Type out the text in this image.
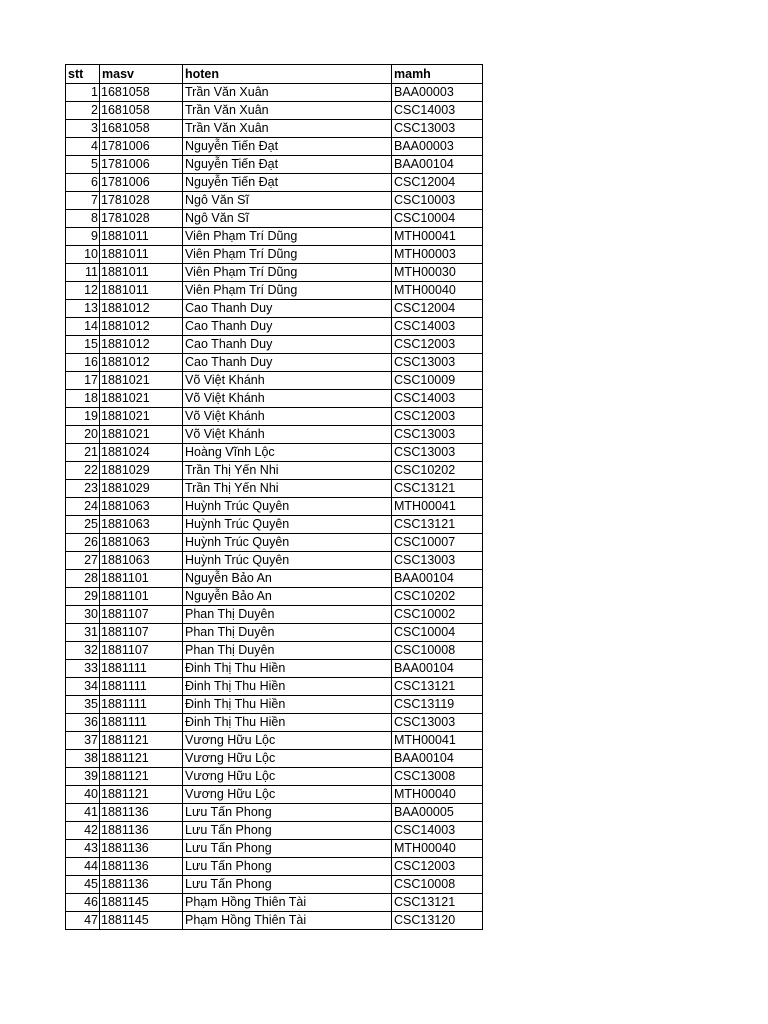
stt	masv	hoten	mamh
1	1681058	Trần Văn Xuân	BAA00003
2	1681058	Trần Văn Xuân	CSC14003
3	1681058	Trần Văn Xuân	CSC13003
4	1781006	Nguyễn Tiến Đạt	BAA00003
5	1781006	Nguyễn Tiến Đạt	BAA00104
6	1781006	Nguyễn Tiến Đạt	CSC12004
7	1781028	Ngô Văn Sĩ	CSC10003
8	1781028	Ngô Văn Sĩ	CSC10004
9	1881011	Viên Phạm Trí Dũng	MTH00041
10	1881011	Viên Phạm Trí Dũng	MTH00003
11	1881011	Viên Phạm Trí Dũng	MTH00030
12	1881011	Viên Phạm Trí Dũng	MTH00040
13	1881012	Cao Thanh Duy	CSC12004
14	1881012	Cao Thanh Duy	CSC14003
15	1881012	Cao Thanh Duy	CSC12003
16	1881012	Cao Thanh Duy	CSC13003
17	1881021	Võ Việt Khánh	CSC10009
18	1881021	Võ Việt Khánh	CSC14003
19	1881021	Võ Việt Khánh	CSC12003
20	1881021	Võ Việt Khánh	CSC13003
21	1881024	Hoàng Vĩnh Lộc	CSC13003
22	1881029	Trần Thị Yến Nhi	CSC10202
23	1881029	Trần Thị Yến Nhi	CSC13121
24	1881063	Huỳnh Trúc Quyên	MTH00041
25	1881063	Huỳnh Trúc Quyên	CSC13121
26	1881063	Huỳnh Trúc Quyên	CSC10007
27	1881063	Huỳnh Trúc Quyên	CSC13003
28	1881101	Nguyễn Bảo An	BAA00104
29	1881101	Nguyễn Bảo An	CSC10202
30	1881107	Phan Thị Duyên	CSC10002
31	1881107	Phan Thị Duyên	CSC10004
32	1881107	Phan Thị Duyên	CSC10008
33	1881111	Đinh Thị Thu Hiền	BAA00104
34	1881111	Đinh Thị Thu Hiền	CSC13121
35	1881111	Đinh Thị Thu Hiền	CSC13119
36	1881111	Đinh Thị Thu Hiền	CSC13003
37	1881121	Vương Hữu Lộc	MTH00041
38	1881121	Vương Hữu Lộc	BAA00104
39	1881121	Vương Hữu Lộc	CSC13008
40	1881121	Vương Hữu Lộc	MTH00040
41	1881136	Lưu Tấn Phong	BAA00005
42	1881136	Lưu Tấn Phong	CSC14003
43	1881136	Lưu Tấn Phong	MTH00040
44	1881136	Lưu Tấn Phong	CSC12003
45	1881136	Lưu Tấn Phong	CSC10008
46	1881145	Phạm Hồng Thiên Tài	CSC13121
47	1881145	Phạm Hồng Thiên Tài	CSC13120
